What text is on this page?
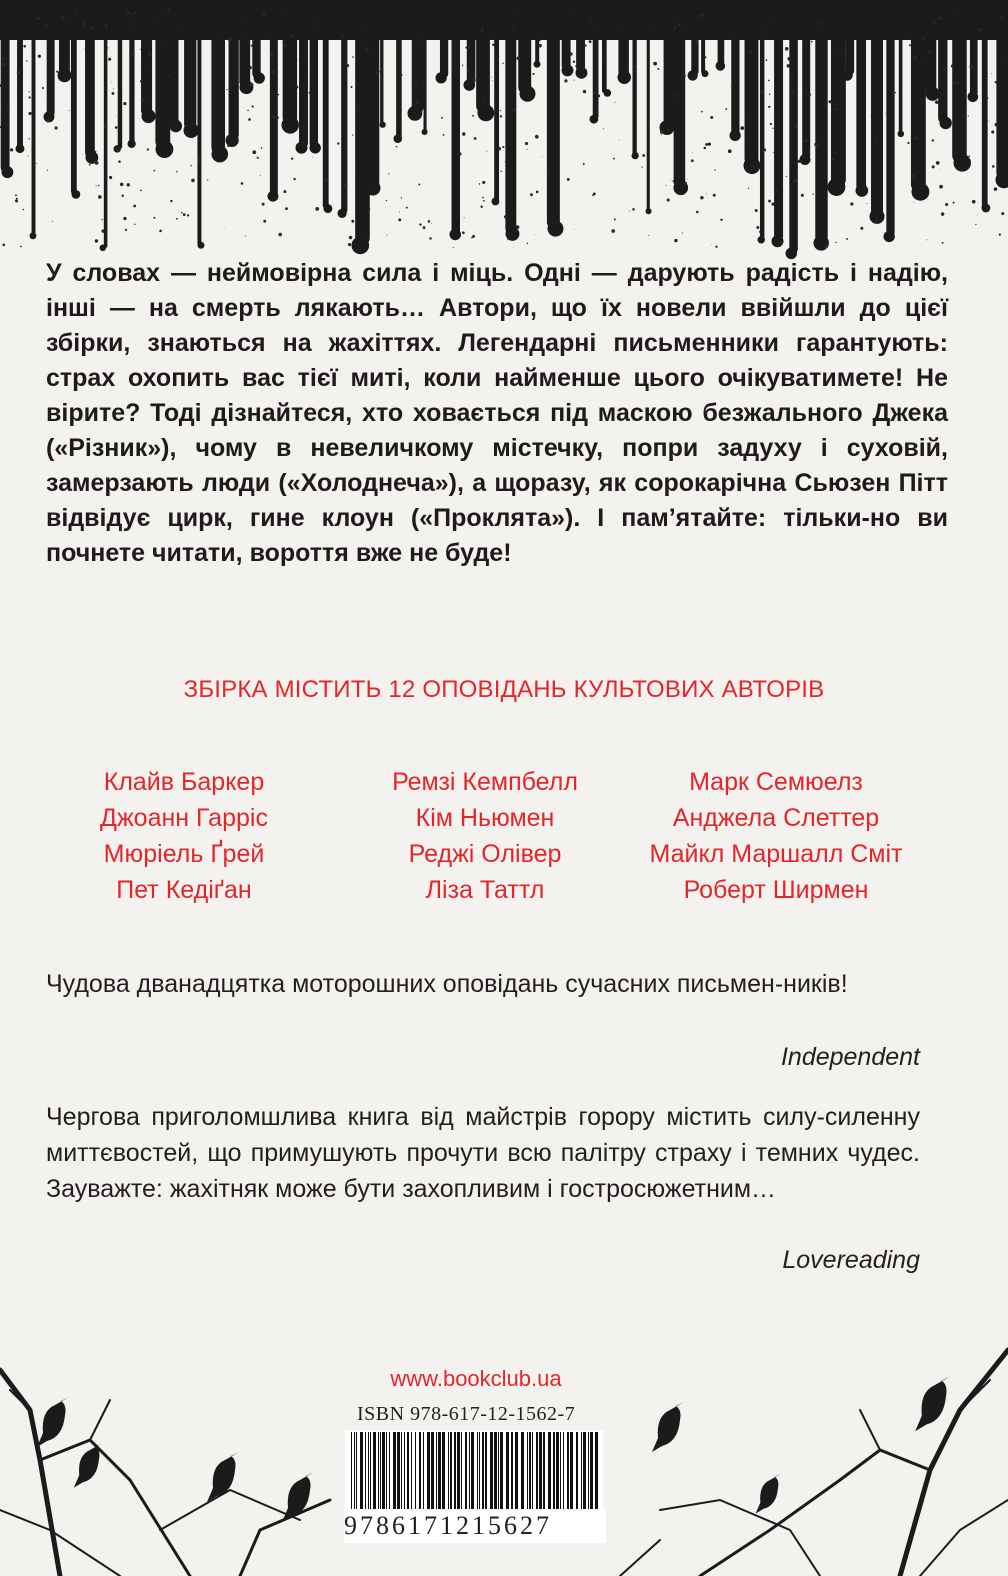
У словах — неймовірна сила і міць. Одні — дарують радість і надію, інші — на смерть лякають… Автори, що їх новели ввійшли до цієї збірки, знаються на жахіттях. Легендарні письменники гарантують: страх охопить вас тієї миті, коли найменше цього очікуватимете! Не вірите? Тоді дізнайтеся, хто ховається під маскою безжального Джека («Різник»), чому в невеличкому містечку, попри задуху і суховій, замерзають люди («Холоднеча»), а щоразу, як сорокарічна Сьюзен Пітт відвідує цирк, гине клоун («Проклята»). І пам’ятайте: тільки-но ви почнете читати, вороття вже не буде!

ЗБІРКА МІСТИТЬ 12 ОПОВІДАНЬ КУЛЬТОВИХ АВТОРІВ
Клайв Баркер
Джоанн Гарріс
Мюріель Ґрей
Пет Кедіґан
Ремзі Кемпбелл
Кім Ньюмен
Реджі Олівер
Ліза Таттл
Марк Семюелз
Анджела Слеттер
Майкл Маршалл Сміт
Роберт Ширмен

Чудова дванадцятка моторошних оповідань сучасних письмен-ників!

Independent

Чергова приголомшлива книга від майстрів горору містить силу-силенну миттєвостей, що примушують прочути всю палітру страху і темних чудес. Зауважте: жахітняк може бути захопливим і гостросюжетним…

Lovereading
www.bookclub.ua
ISBN 978-617-12-1562-7
9786171215627
